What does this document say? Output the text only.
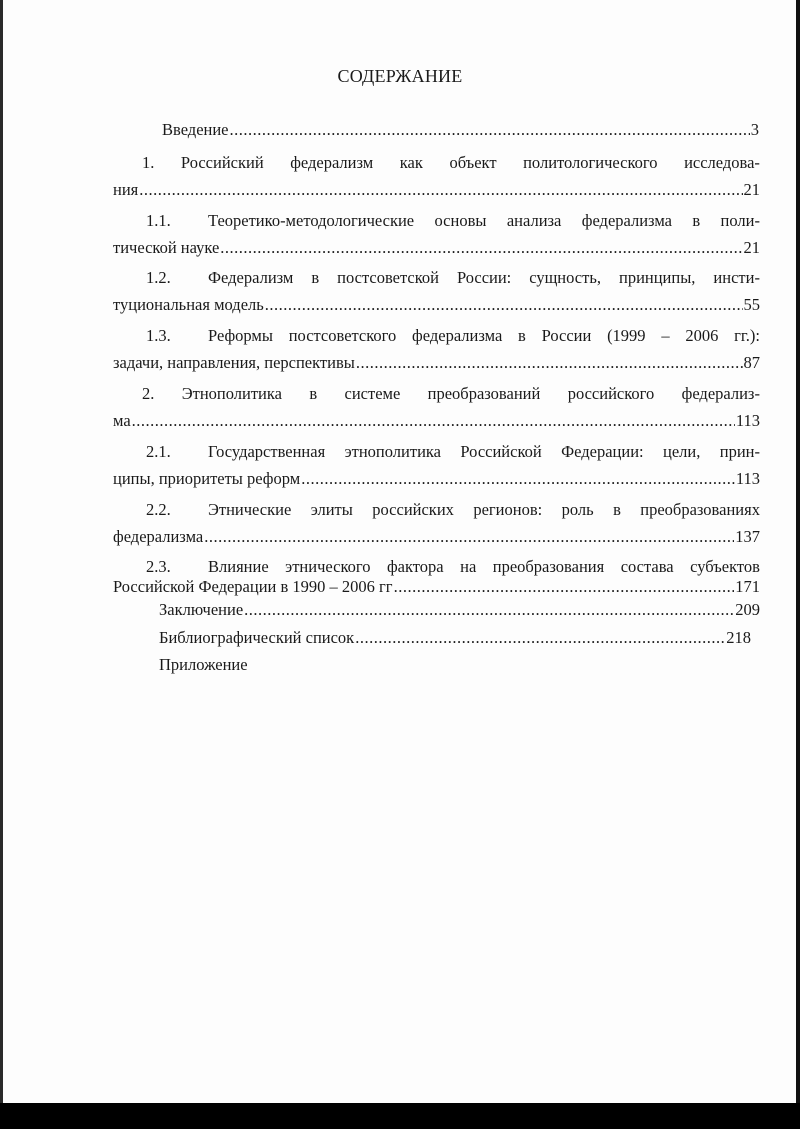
СОДЕРЖАНИЕ
Введение .....	3
1. Российский федерализм как объект политологического исследова-
ния .....	21
1.1. Теоретико-методологические основы анализа федерализма в поли-
тической науке .....	21
1.2. Федерализм в постсоветской России: сущность, принципы, инсти-
туциональная модель .....	55
1.3. Реформы постсоветского федерализма в России (1999 – 2006 гг.):
задачи, направления, перспективы .....	87
2. Этнополитика в системе преобразований российского федерализ-
ма .....	113
2.1. Государственная этнополитика Российской Федерации: цели, прин-
ципы, приоритеты реформ .....	113
2.2. Этнические элиты российских регионов: роль в преобразованиях
федерализма .....	137
2.3. Влияние этнического фактора на преобразования состава субъектов
Российской Федерации в 1990 – 2006 гг .....	171
Заключение .....	209
Библиографический список .....	218
Приложение
